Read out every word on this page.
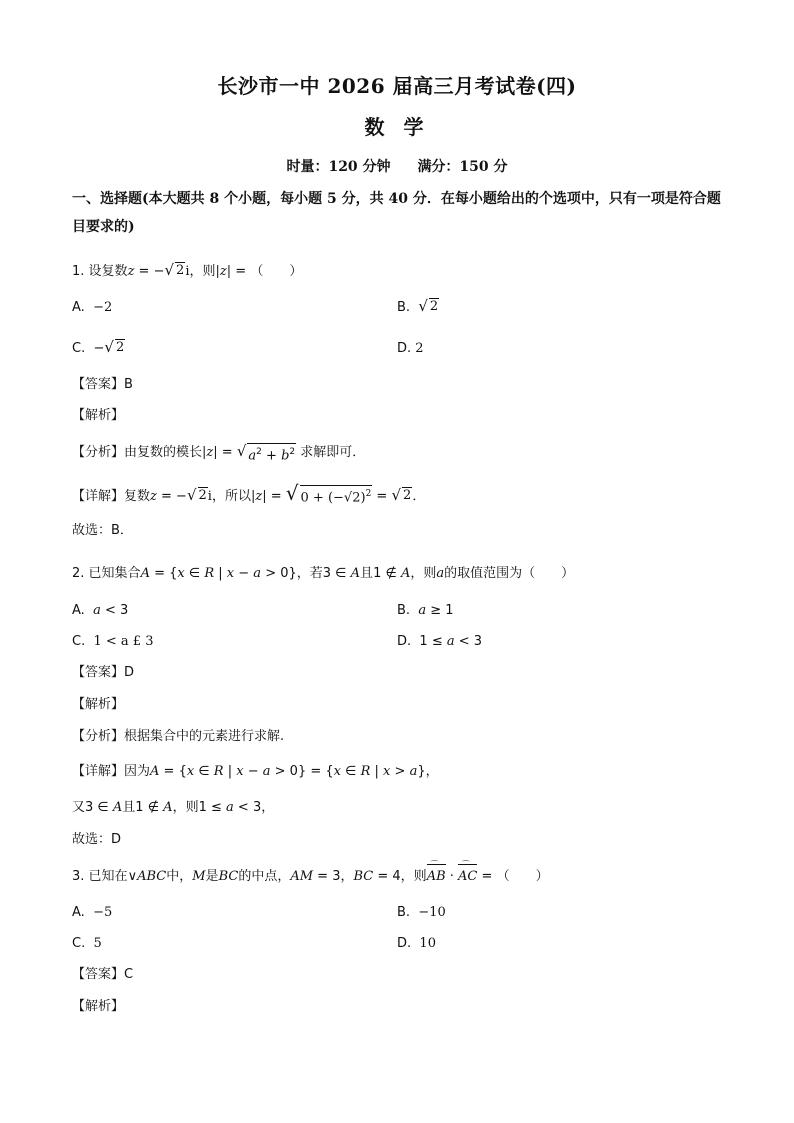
长沙市一中 2026 届高三月考试卷(四)
数 学
时量：120 分钟 满分：150 分
一、选择题(本大题共 8 个小题，每小题 5 分，共 40 分．在每小题给出的个选项中，只有一项是符合题目要求的)
1. 设复数z = − √ 2 i，则|z| = （　　）
A. −2	B. √ 2
C.  − √ 2	D. 2
【答案】B
【解析】
【分析】由复数的模长|z| = √ $a^2 + b^2$ 求解即可．
【详解】复数z = − √ 2 i，所以|z| = √ $0 + (-√2)^2$ = √ 2 ．
故选：B．
2. 已知集合A = {x ∈ R | x − a > 0}，若3 ∈ A且1 ∉ A，则a的取值范围为（　　）
A. a < 3	B. a ≥ 1
C. 1 < a £ 3	D.  1 ≤ a < 3
【答案】D
【解析】
【分析】根据集合中的元素进行求解.
【详解】因为A = {x ∈ R | x − a > 0} = {x ∈ R | x > a}，
又3 ∈ A且1 ∉ A，则1 ≤ a < 3，
故选：D
3. 已知在∨ABC中，M是BC的中点，AM = 3，BC = 4，则AB ⌒ · AC ⌒ = （　　）
A. −5	B. −10
C. 5	D. 10
【答案】C
【解析】
